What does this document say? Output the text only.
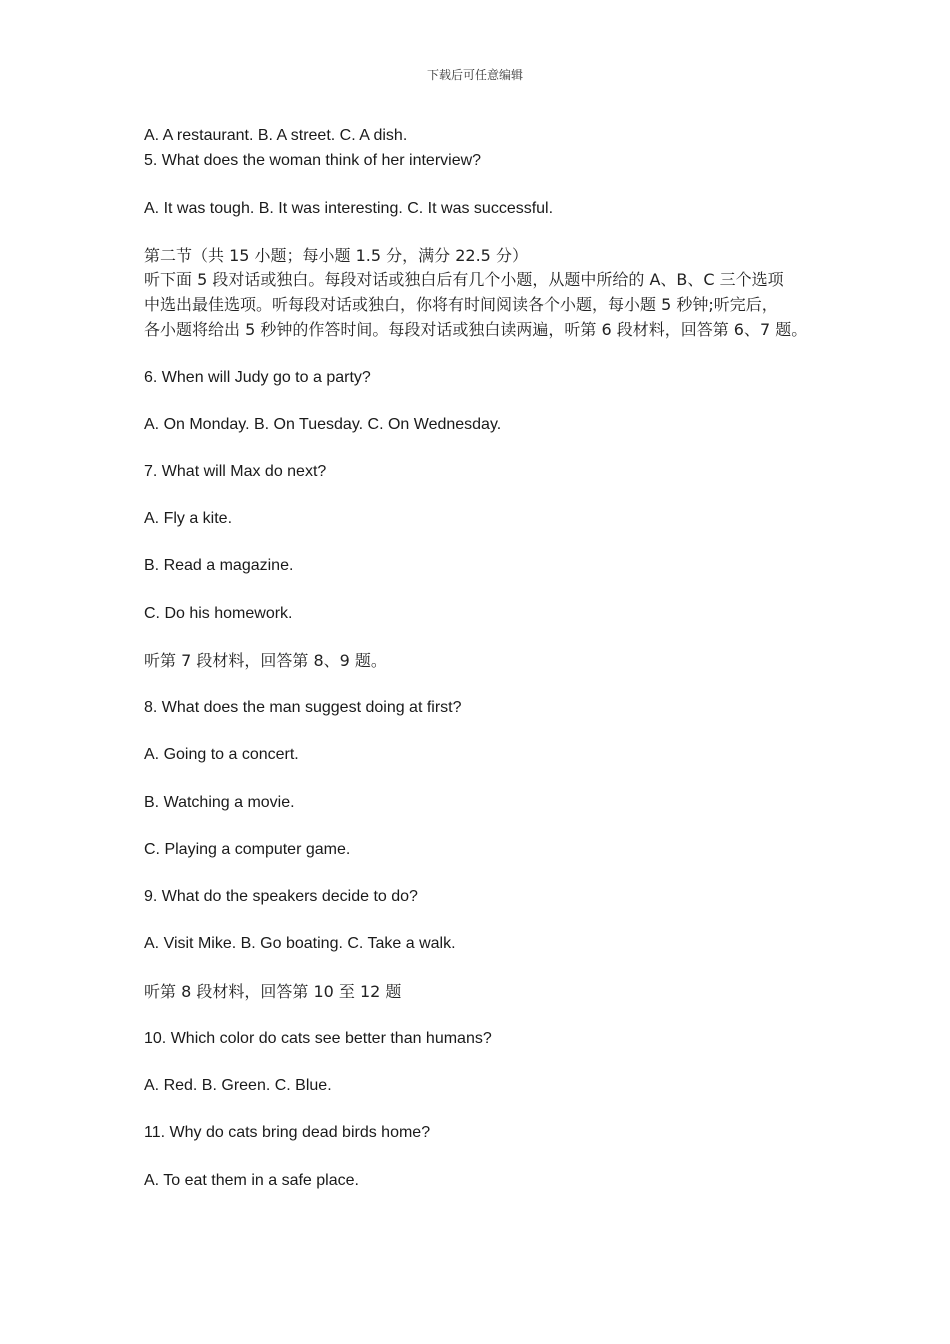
下载后可任意编辑
A. A restaurant. B. A street. C. A dish.
5. What does the woman think of her interview?
A. It was tough. B. It was interesting. C. It was successful.
第二节（共 15 小题；每小题 1.5 分，满分 22.5 分）
听下面 5 段对话或独白。每段对话或独白后有几个小题，从题中所给的 A、B、C 三个选项
中选出最佳选项。听每段对话或独白，你将有时间阅读各个小题，每小题 5 秒钟;听完后，
各小题将给出 5 秒钟的作答时间。每段对话或独白读两遍，听第 6 段材料，回答第 6、7 题。
6. When will Judy go to a party?
A. On Monday. B. On Tuesday. C. On Wednesday.
7. What will Max do next?
A. Fly a kite.
B. Read a magazine.
C. Do his homework.
听第 7 段材料，回答第 8、9 题。
8. What does the man suggest doing at first?
A. Going to a concert.
B. Watching a movie.
C. Playing a computer game.
9. What do the speakers decide to do?
A. Visit Mike. B. Go boating. C. Take a walk.
听第 8 段材料，回答第 10 至 12 题
10. Which color do cats see better than humans?
A. Red. B. Green. C. Blue.
11. Why do cats bring dead birds home?
A. To eat them in a safe place.
